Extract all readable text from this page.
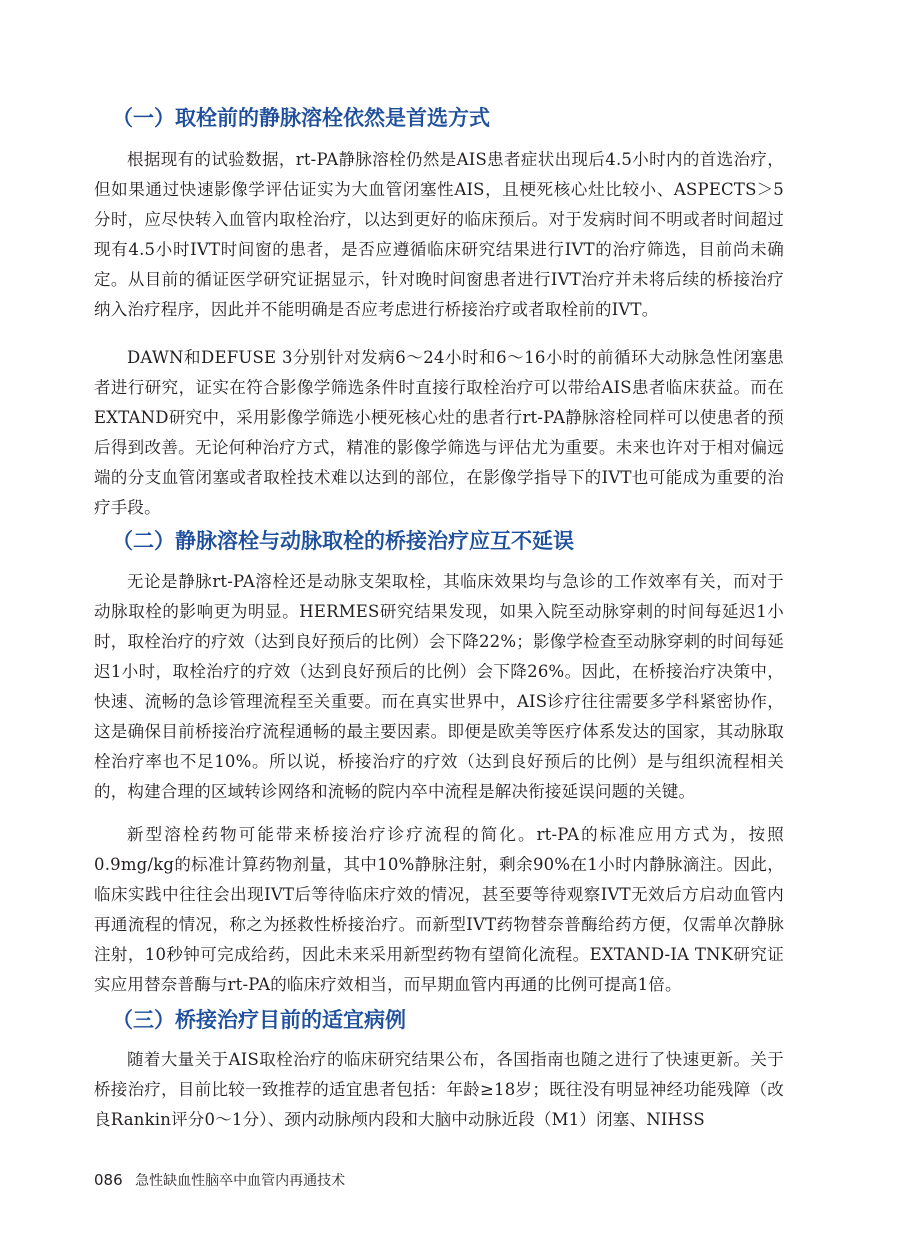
（一）取栓前的静脉溶栓依然是首选方式

根据现有的试验数据，rt-PA静脉溶栓仍然是AIS患者症状出现后4.5小时内的首选治疗，但如果通过快速影像学评估证实为大血管闭塞性AIS，且梗死核心灶比较小、ASPECTS＞5分时，应尽快转入血管内取栓治疗，以达到更好的临床预后。对于发病时间不明或者时间超过现有4.5小时IVT时间窗的患者，是否应遵循临床研究结果进行IVT的治疗筛选，目前尚未确定。从目前的循证医学研究证据显示，针对晚时间窗患者进行IVT治疗并未将后续的桥接治疗纳入治疗程序，因此并不能明确是否应考虑进行桥接治疗或者取栓前的IVT。

DAWN和DEFUSE 3分别针对发病6～24小时和6～16小时的前循环大动脉急性闭塞患者进行研究，证实在符合影像学筛选条件时直接行取栓治疗可以带给AIS患者临床获益。而在EXTAND研究中，采用影像学筛选小梗死核心灶的患者行rt-PA静脉溶栓同样可以使患者的预后得到改善。无论何种治疗方式，精准的影像学筛选与评估尤为重要。未来也许对于相对偏远端的分支血管闭塞或者取栓技术难以达到的部位，在影像学指导下的IVT也可能成为重要的治疗手段。

（二）静脉溶栓与动脉取栓的桥接治疗应互不延误

无论是静脉rt-PA溶栓还是动脉支架取栓，其临床效果均与急诊的工作效率有关，而对于动脉取栓的影响更为明显。HERMES研究结果发现，如果入院至动脉穿刺的时间每延迟1小时，取栓治疗的疗效（达到良好预后的比例）会下降22%；影像学检查至动脉穿刺的时间每延迟1小时，取栓治疗的疗效（达到良好预后的比例）会下降26%。因此，在桥接治疗决策中，快速、流畅的急诊管理流程至关重要。而在真实世界中，AIS诊疗往往需要多学科紧密协作，这是确保目前桥接治疗流程通畅的最主要因素。即便是欧美等医疗体系发达的国家，其动脉取栓治疗率也不足10%。所以说，桥接治疗的疗效（达到良好预后的比例）是与组织流程相关的，构建合理的区域转诊网络和流畅的院内卒中流程是解决衔接延误问题的关键。

新型溶栓药物可能带来桥接治疗诊疗流程的简化。rt-PA的标准应用方式为，按照0.9mg/kg的标准计算药物剂量，其中10%静脉注射，剩余90%在1小时内静脉滴注。因此，临床实践中往往会出现IVT后等待临床疗效的情况，甚至要等待观察IVT无效后方启动血管内再通流程的情况，称之为拯救性桥接治疗。而新型IVT药物替奈普酶给药方便，仅需单次静脉注射，10秒钟可完成给药，因此未来采用新型药物有望简化流程。EXTAND-IA TNK研究证实应用替奈普酶与rt-PA的临床疗效相当，而早期血管内再通的比例可提高1倍。

（三）桥接治疗目前的适宜病例

随着大量关于AIS取栓治疗的临床研究结果公布，各国指南也随之进行了快速更新。关于桥接治疗，目前比较一致推荐的适宜患者包括：年龄≥18岁；既往没有明显神经功能残障（改良Rankin评分0～1分）、颈内动脉颅内段和大脑中动脉近段（M1）闭塞、NIHSS

086 急性缺血性脑卒中血管内再通技术
